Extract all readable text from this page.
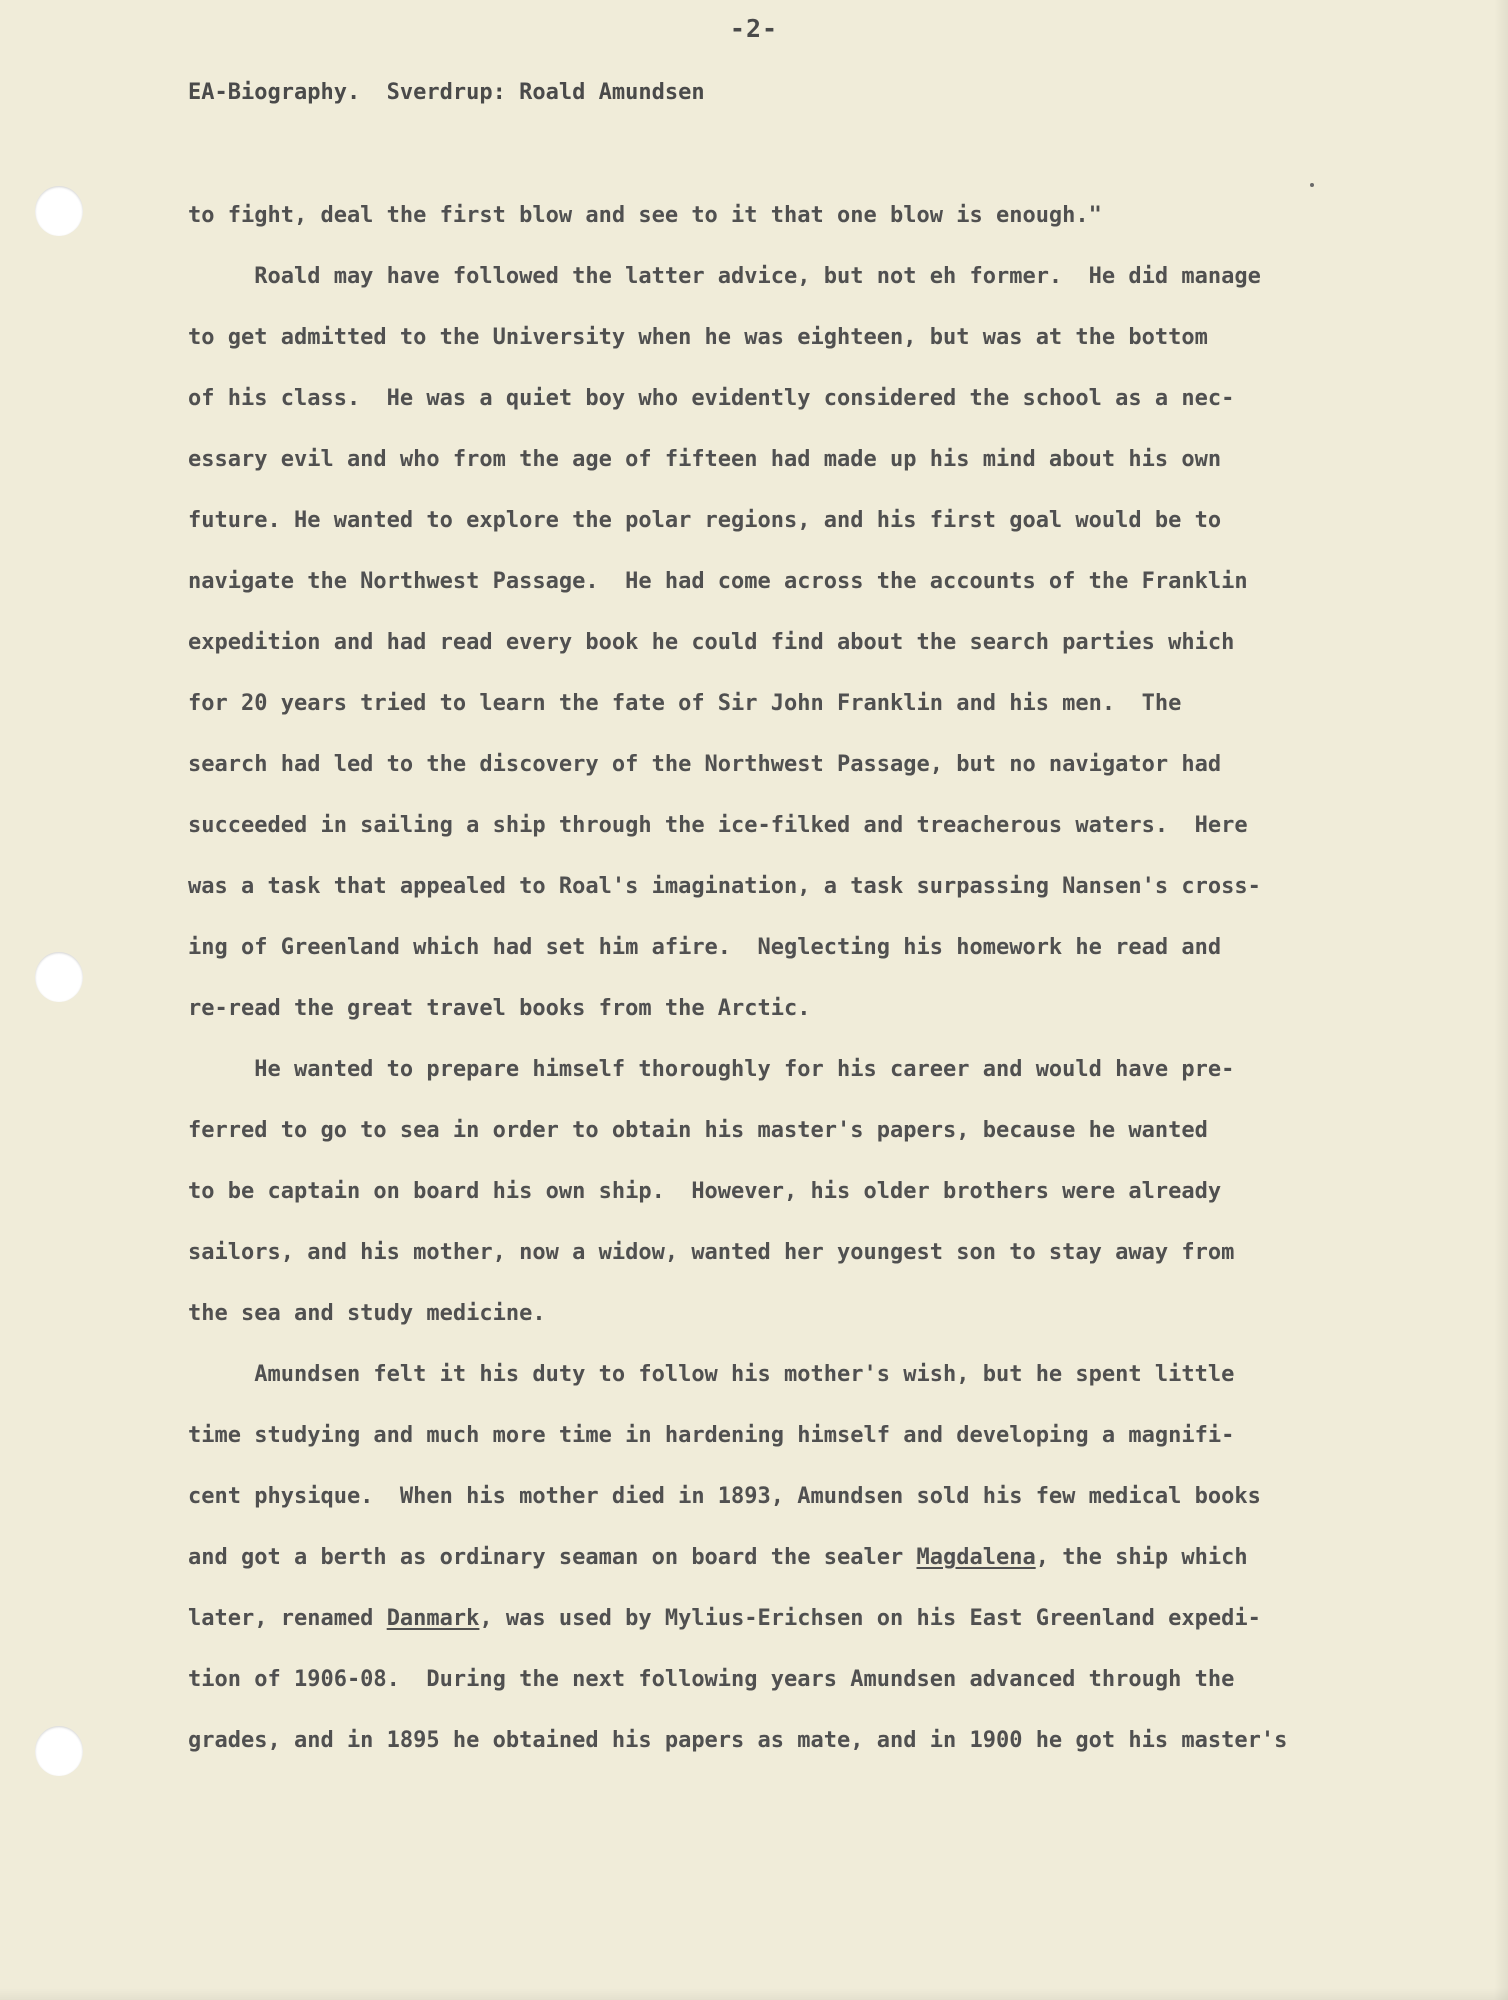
-2-
EA-Biography.  Sverdrup: Roald Amundsen
to fight, deal the first blow and see to it that one blow is enough."
Roald may have followed the latter advice, but not eh former.  He did manage
to get admitted to the University when he was eighteen, but was at the bottom
of his class.  He was a quiet boy who evidently considered the school as a nec-
essary evil and who from the age of fifteen had made up his mind about his own
future. He wanted to explore the polar regions, and his first goal would be to
navigate the Northwest Passage.  He had come across the accounts of the Franklin
expedition and had read every book he could find about the search parties which
for 20 years tried to learn the fate of Sir John Franklin and his men.  The
search had led to the discovery of the Northwest Passage, but no navigator had
succeeded in sailing a ship through the ice-filked and treacherous waters.  Here
was a task that appealed to Roal's imagination, a task surpassing Nansen's cross-
ing of Greenland which had set him afire.  Neglecting his homework he read and
re-read the great travel books from the Arctic.
He wanted to prepare himself thoroughly for his career and would have pre-
ferred to go to sea in order to obtain his master's papers, because he wanted
to be captain on board his own ship.  However, his older brothers were already
sailors, and his mother, now a widow, wanted her youngest son to stay away from
the sea and study medicine.
Amundsen felt it his duty to follow his mother's wish, but he spent little
time studying and much more time in hardening himself and developing a magnifi-
cent physique.  When his mother died in 1893, Amundsen sold his few medical books
and got a berth as ordinary seaman on board the sealer Magdalena, the ship which
later, renamed Danmark, was used by Mylius-Erichsen on his East Greenland expedi-
tion of 1906-08.  During the next following years Amundsen advanced through the
grades, and in 1895 he obtained his papers as mate, and in 1900 he got his master's
